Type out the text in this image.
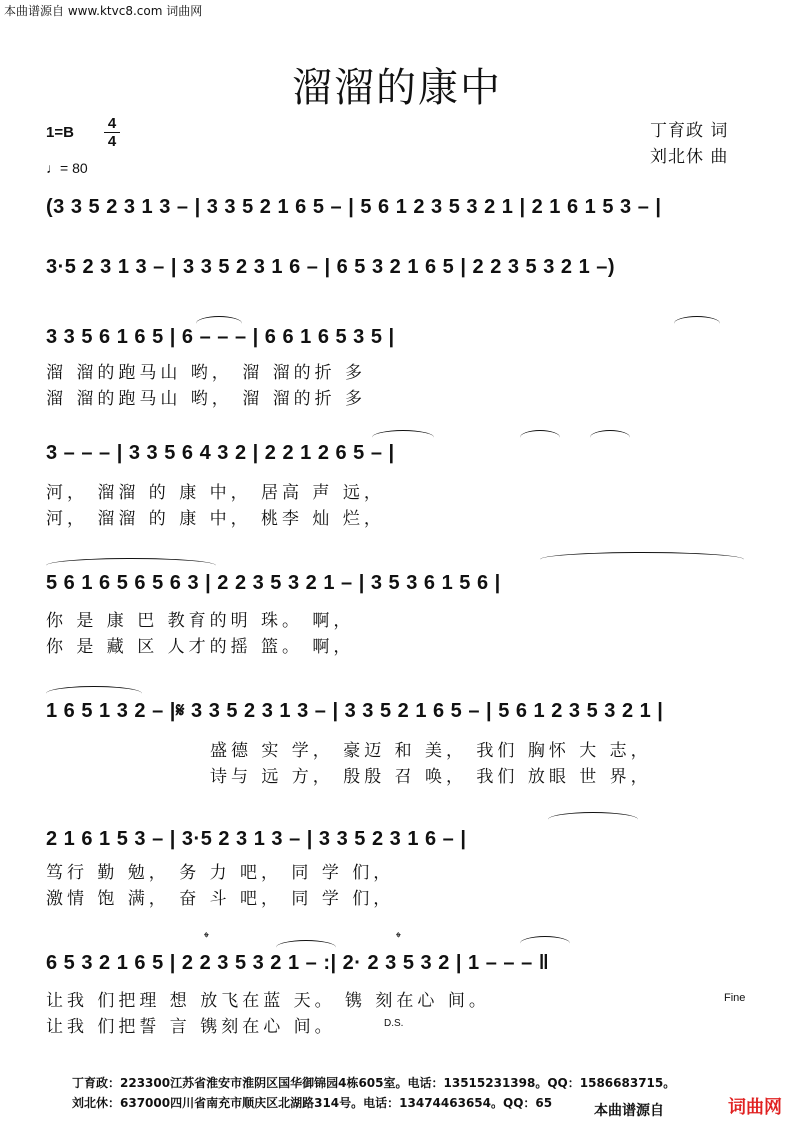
本曲谱源自 www.ktvc8.com 词曲网
溜溜的康中
1=B
4
4
♩= 80
丁育政 词
刘北休 曲
(3 3 5 2 3 1 3 – | 3 3 5 2 1 6 5 – | 5 6 1 2 3 5 3 2 1 | 2 1 6 1 5 3 – |
3·5 2 3 1 3 – | 3 3 5 2 3 1 6 – | 6 5 3 2 1 6 5 | 2 2 3 5 3 2 1 –)
3 3 5 6 1 6 5 | 6 – – – | 6 6 1 6 5 3 5 |
溜 溜的跑马山 哟， 溜 溜的折 多
溜 溜的跑马山 哟， 溜 溜的折 多
3 – – – | 3 3 5 6 4 3 2 | 2 2 1 2 6 5 – |
河， 溜溜 的 康 中， 居高 声 远，
河， 溜溜 的 康 中， 桃李 灿 烂，
5 6 1 6 5 6 5 6 3 | 2 2 3 5 3 2 1 – | 3 5 3 6 1 5 6 |
你 是 康 巴 教育的明 珠。 啊，
你 是 藏 区 人才的摇 篮。 啊，
1 6 5 1 3 2 – |𝄋 3 3 5 2 3 1 3 – | 3 3 5 2 1 6 5 – | 5 6 1 2 3 5 3 2 1 |
盛德 实 学， 豪迈 和 美， 我们 胸怀 大 志，
诗与 远 方， 殷殷 召 唤， 我们 放眼 世 界，
2 1 6 1 5 3 – | 3·5 2 3 1 3 – | 3 3 5 2 3 1 6 – |
笃行 勤 勉， 务 力 吧， 同 学 们，
激情 饱 满， 奋 斗 吧， 同 学 们，
𝄌	𝄌
6 5 3 2 1 6 5 | 2 2 3 5 3 2 1 – :| 2· 2 3 5 3 2 | 1 – – – ‖
让我 们把理 想 放飞在蓝 天。 镌 刻在心 间。
让我 们把誓 言 镌刻在心 间。
Fine
D.S.
丁育政：223300江苏省淮安市淮阴区国华御锦园4栋605室。电话：13515231398。QQ：1586683715。
刘北休：637000四川省南充市顺庆区北湖路314号。电话：13474463654。QQ：65	本曲谱源自	词曲网
